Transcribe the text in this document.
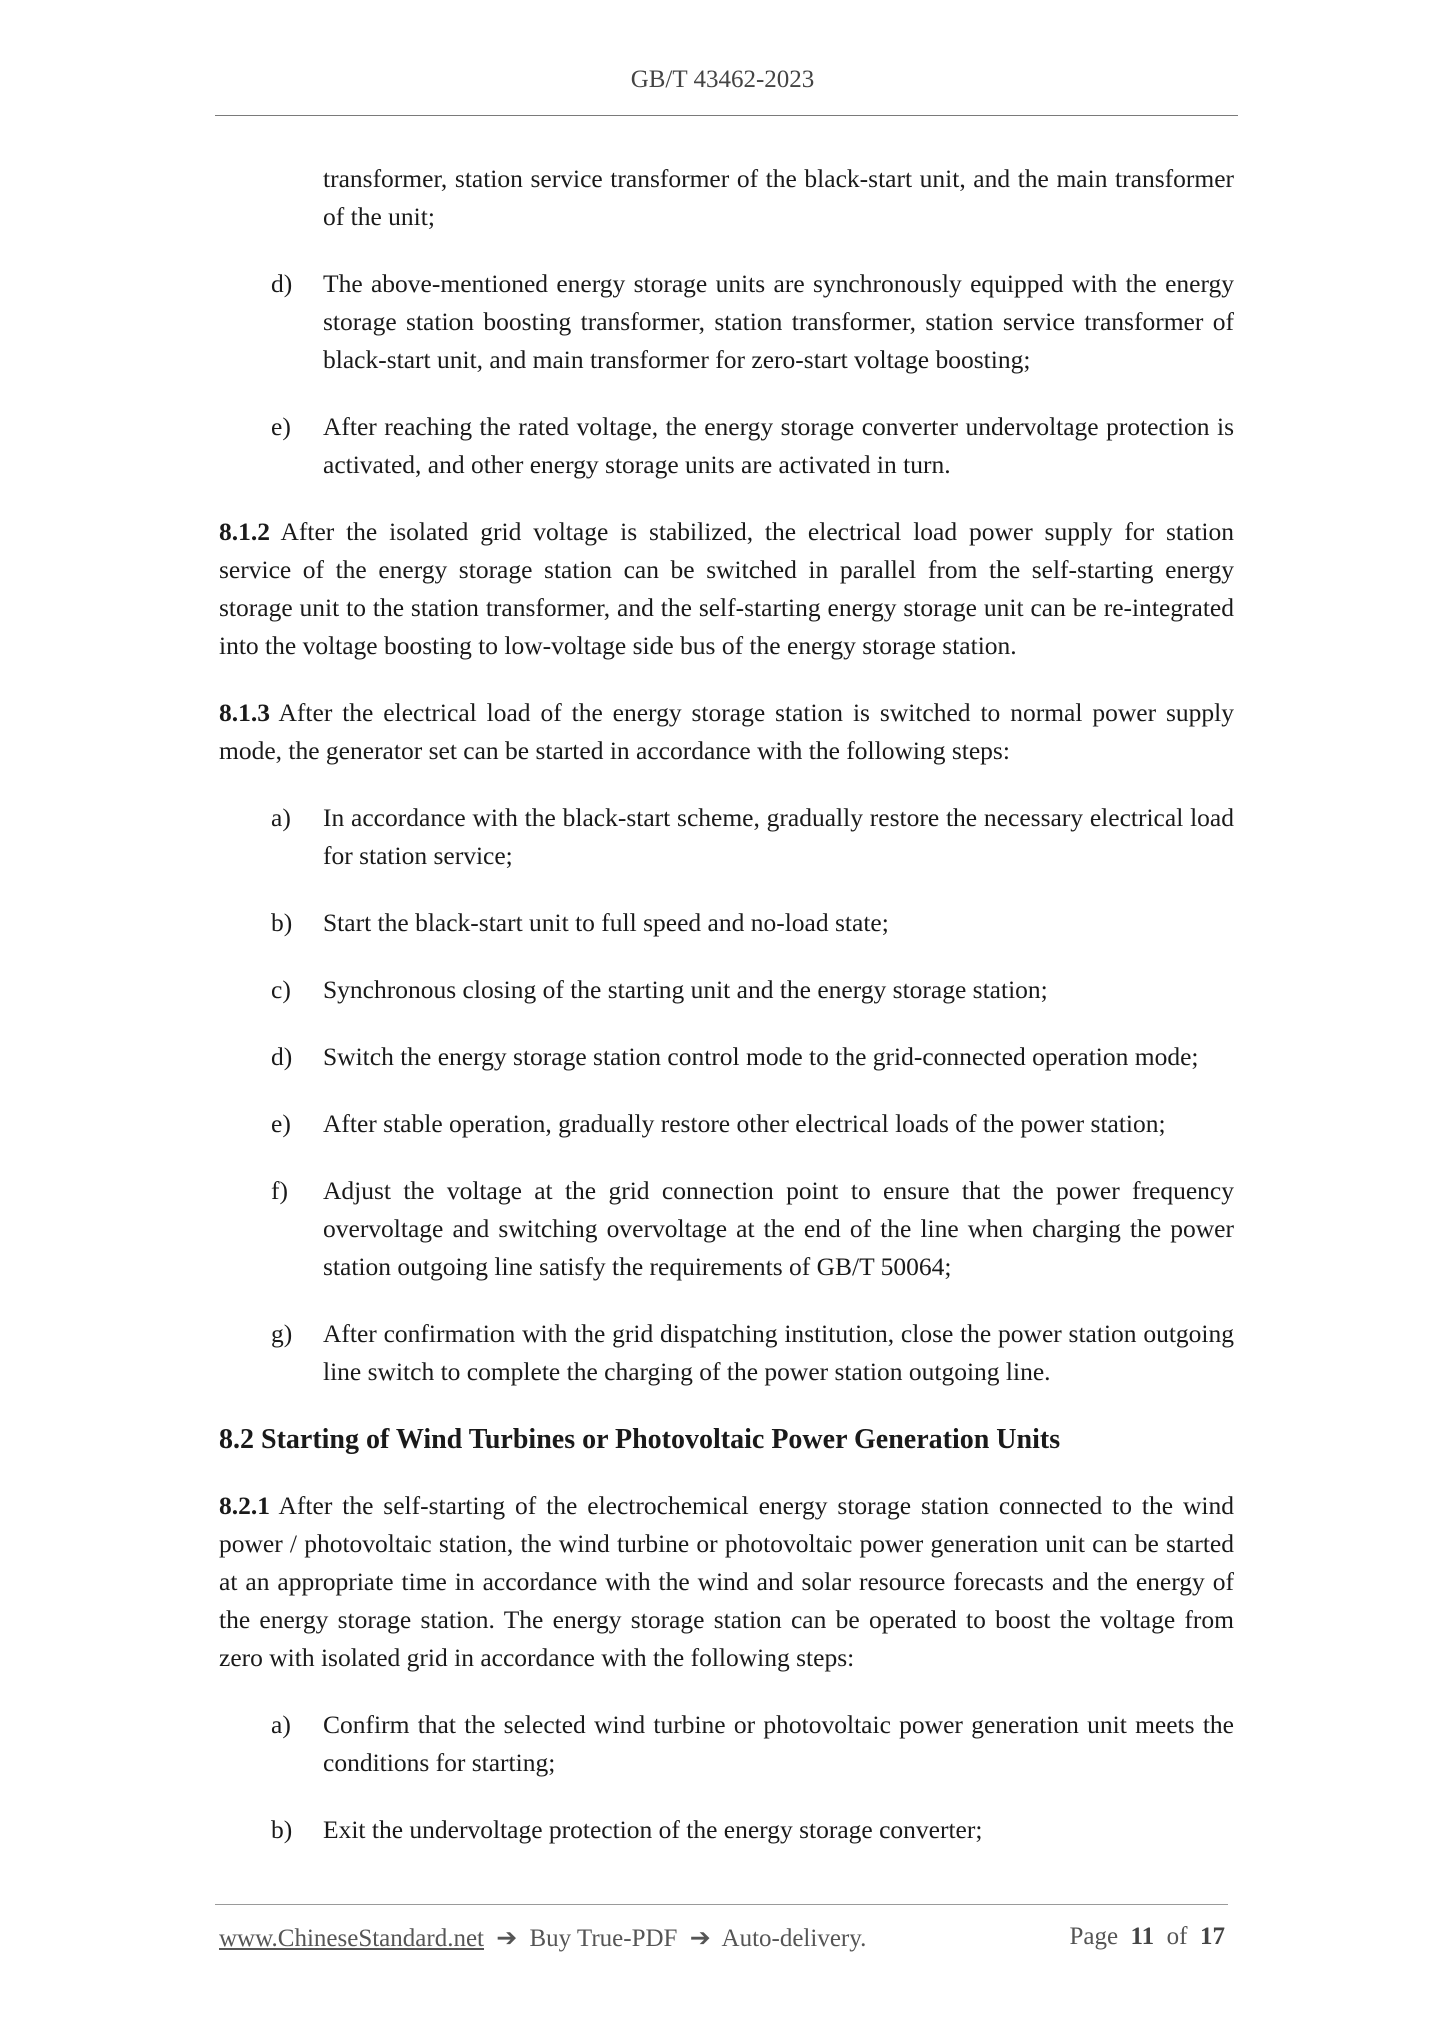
GB/T 43462-2023
transformer, station service transformer of the black-start unit, and the main transformer of the unit;
d) The above-mentioned energy storage units are synchronously equipped with the energy storage station boosting transformer, station transformer, station service transformer of black-start unit, and main transformer for zero-start voltage boosting;
e) After reaching the rated voltage, the energy storage converter undervoltage protection is activated, and other energy storage units are activated in turn.

8.1.2 After the isolated grid voltage is stabilized, the electrical load power supply for station service of the energy storage station can be switched in parallel from the self-starting energy storage unit to the station transformer, and the self-starting energy storage unit can be re-integrated into the voltage boosting to low-voltage side bus of the energy storage station.

8.1.3 After the electrical load of the energy storage station is switched to normal power supply mode, the generator set can be started in accordance with the following steps:

a) In accordance with the black-start scheme, gradually restore the necessary electrical load for station service;
b) Start the black-start unit to full speed and no-load state;
c) Synchronous closing of the starting unit and the energy storage station;
d) Switch the energy storage station control mode to the grid-connected operation mode;
e) After stable operation, gradually restore other electrical loads of the power station;
f) Adjust the voltage at the grid connection point to ensure that the power frequency overvoltage and switching overvoltage at the end of the line when charging the power station outgoing line satisfy the requirements of GB/T 50064;
g) After confirmation with the grid dispatching institution, close the power station outgoing line switch to complete the charging of the power station outgoing line.
8.2 Starting of Wind Turbines or Photovoltaic Power Generation Units

8.2.1 After the self-starting of the electrochemical energy storage station connected to the wind power / photovoltaic station, the wind turbine or photovoltaic power generation unit can be started at an appropriate time in accordance with the wind and solar resource forecasts and the energy of the energy storage station. The energy storage station can be operated to boost the voltage from zero with isolated grid in accordance with the following steps:

a) Confirm that the selected wind turbine or photovoltaic power generation unit meets the conditions for starting;
b) Exit the undervoltage protection of the energy storage converter;
www.ChineseStandard.net ➔ Buy True-PDF ➔ Auto-delivery.	Page 11 of 17
